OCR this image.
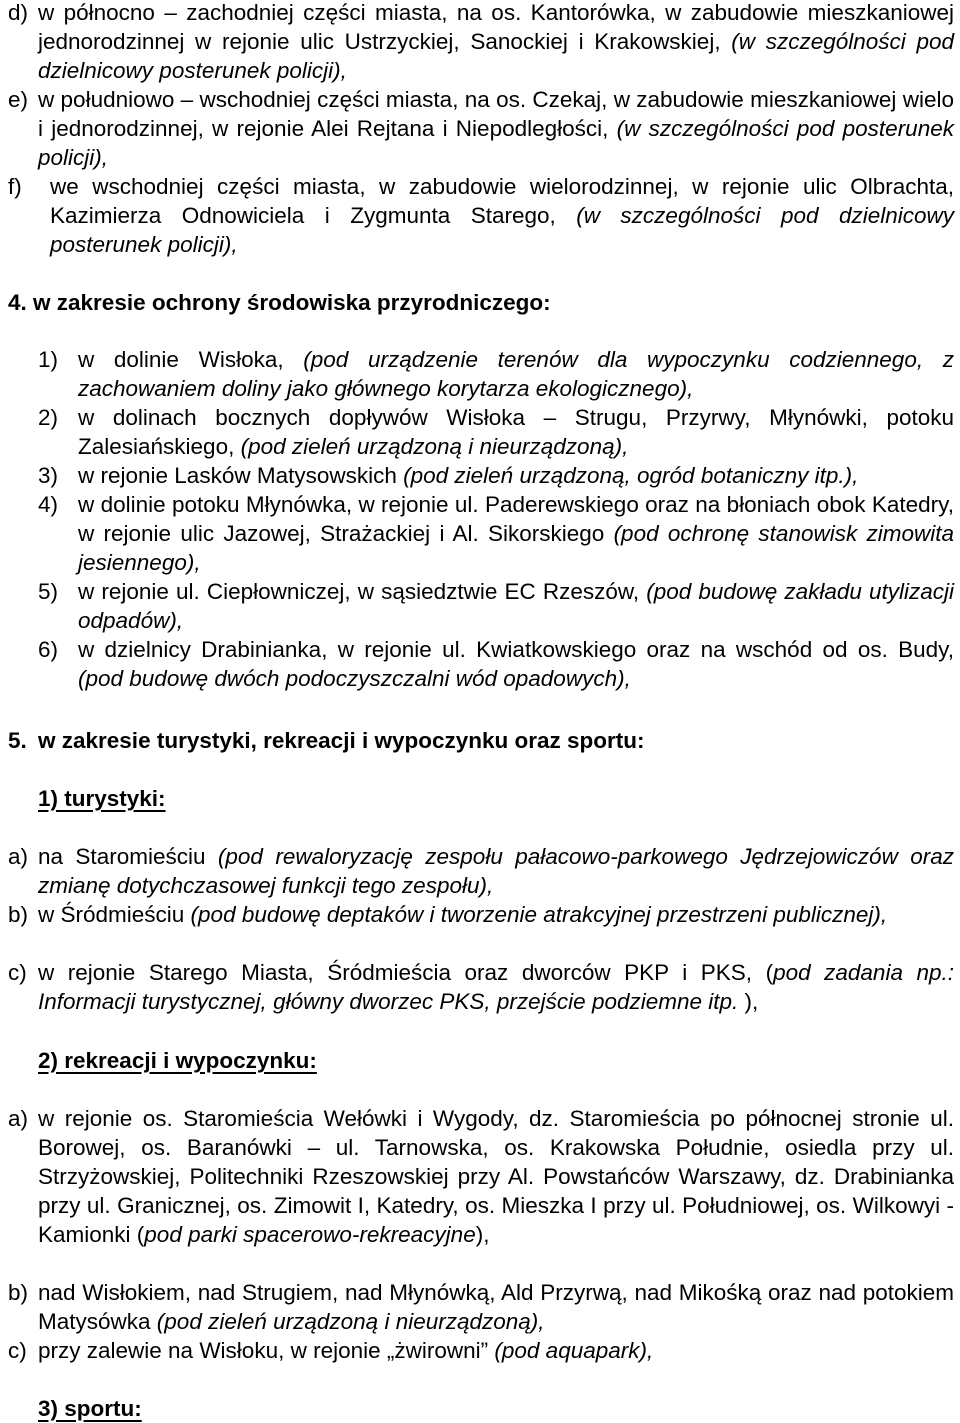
d) w północno – zachodniej części miasta, na os. Kantorówka, w zabudowie mieszkaniowej jednorodzinnej w rejonie ulic Ustrzyckiej, Sanockiej i Krakowskiej, (w szczególności pod dzielnicowy posterunek policji),
e) w południowo – wschodniej części miasta, na os. Czekaj, w zabudowie mieszkaniowej wielo i jednorodzinnej, w rejonie Alei Rejtana i Niepodległości, (w szczególności pod posterunek policji),
f)	we wschodniej części miasta, w zabudowie wielorodzinnej, w rejonie ulic Olbrachta, Kazimierza Odnowiciela i Zygmunta Starego, (w szczególności pod dzielnicowy posterunek policji),
4. w zakresie ochrony środowiska przyrodniczego:
1) w dolinie Wisłoka, (pod urządzenie terenów dla wypoczynku codziennego, z zachowaniem doliny jako głównego korytarza ekologicznego),
2) w dolinach bocznych dopływów Wisłoka – Strugu, Przyrwy, Młynówki, potoku Zalesiańskiego, (pod zieleń urządzoną i nieurządzoną),
3) w rejonie Lasków Matysowskich (pod zieleń urządzoną, ogród botaniczny itp.),
4) w dolinie potoku Młynówka, w rejonie ul. Paderewskiego oraz na błoniach obok Katedry, w rejonie ulic Jazowej, Strażackiej i Al. Sikorskiego (pod ochronę stanowisk zimowita jesiennego),
5) w rejonie ul. Ciepłowniczej, w sąsiedztwie EC Rzeszów, (pod budowę zakładu utylizacji odpadów),
6) w dzielnicy Drabinianka, w rejonie ul. Kwiatkowskiego oraz na wschód od os. Budy, (pod budowę dwóch podoczyszczalni wód opadowych),
5. w zakresie turystyki, rekreacji i wypoczynku oraz sportu:
1) turystyki:
a) na Staromieściu (pod rewaloryzację zespołu pałacowo-parkowego Jędrzejowiczów oraz zmianę dotychczasowej funkcji tego zespołu),
b) w Śródmieściu (pod budowę deptaków i tworzenie atrakcyjnej przestrzeni publicznej),
c) w rejonie Starego Miasta, Śródmieścia oraz dworców PKP i PKS, (pod zadania np.: Informacji turystycznej, główny dworzec PKS, przejście podziemne itp. ),
2) rekreacji i wypoczynku:
a) w rejonie os. Staromieścia Wełówki i Wygody, dz. Staromieścia po północnej stronie ul. Borowej, os. Baranówki – ul. Tarnowska, os. Krakowska Południe, osiedla przy ul. Strzyżowskiej, Politechniki Rzeszowskiej przy Al. Powstańców Warszawy, dz. Drabinianka przy ul. Granicznej, os. Zimowit I, Katedry, os. Mieszka I przy ul. Południowej, os. Wilkowyi - Kamionki (pod parki spacerowo-rekreacyjne),
b) nad Wisłokiem, nad Strugiem, nad Młynówką, Ald Przyrwą, nad Mikośką oraz nad potokiem Matysówka (pod zieleń urządzoną i nieurządzoną),
c) przy zalewie na Wisłoku, w rejonie „żwirowni” (pod aquapark),
3) sportu:
